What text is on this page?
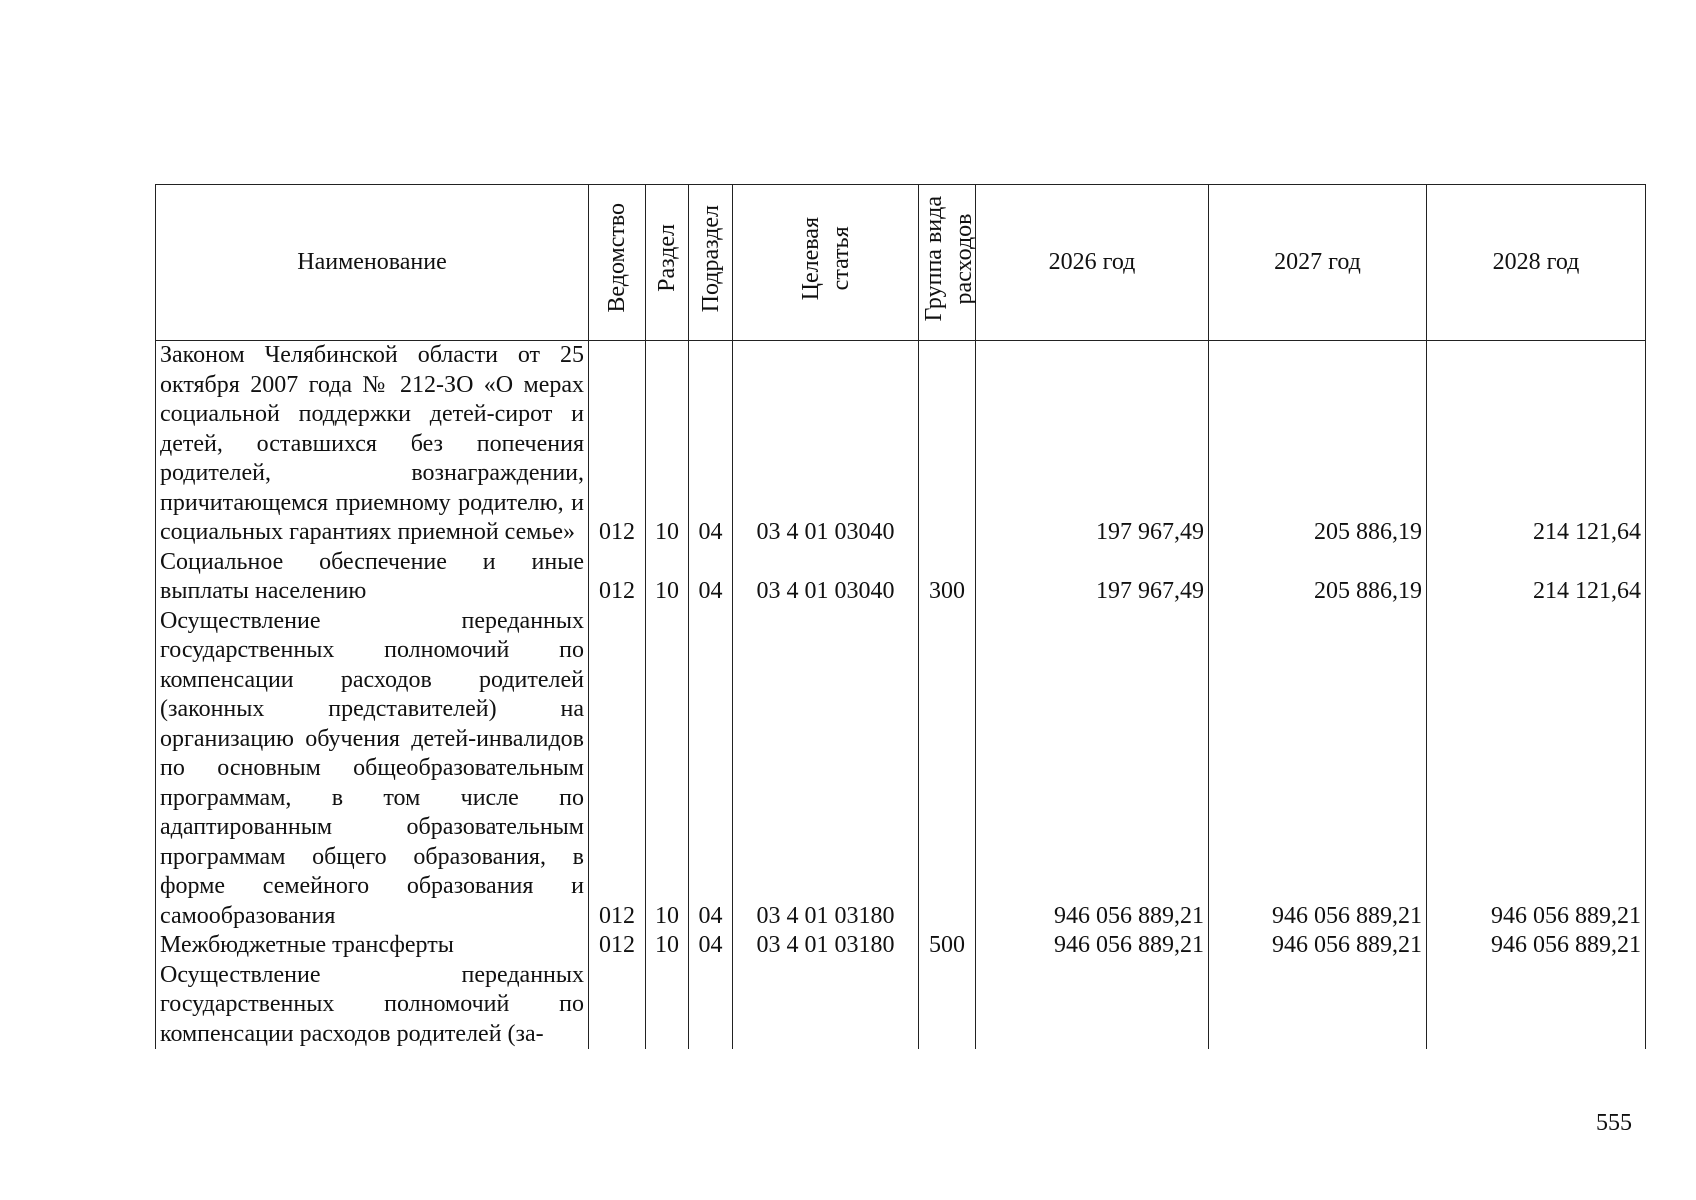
Наименование	Ведомство	Раздел	Подраздел	Целевая статья	Группа вида расходов	2026 год	2027 год	2028 год
Законом Челябинской области от 25 октября 2007 года № 212-ЗО «О мерах социальной поддержки детей-сирот и детей, оставшихся без попечения родителей, вознаграждении, причитающемся приемному родителю, и социальных гарантиях приемной семье»	012	10	04	03 4 01 03040		197 967,49	205 886,19	214 121,64
Социальное обеспечение и иные выплаты населению	012	10	04	03 4 01 03040	300	197 967,49	205 886,19	214 121,64
Осуществление переданных государственных полномочий по компенсации расходов родителей (законных представителей) на организацию обучения детей-инвалидов по основным общеобразовательным программам, в том числе по адаптированным образовательным программам общего образования, в форме семейного образования и самообразования	012	10	04	03 4 01 03180		946 056 889,21	946 056 889,21	946 056 889,21
Межбюджетные трансферты	012	10	04	03 4 01 03180	500	946 056 889,21	946 056 889,21	946 056 889,21
Осуществление переданных государственных полномочий по компенсации расходов родителей (за-								
555
